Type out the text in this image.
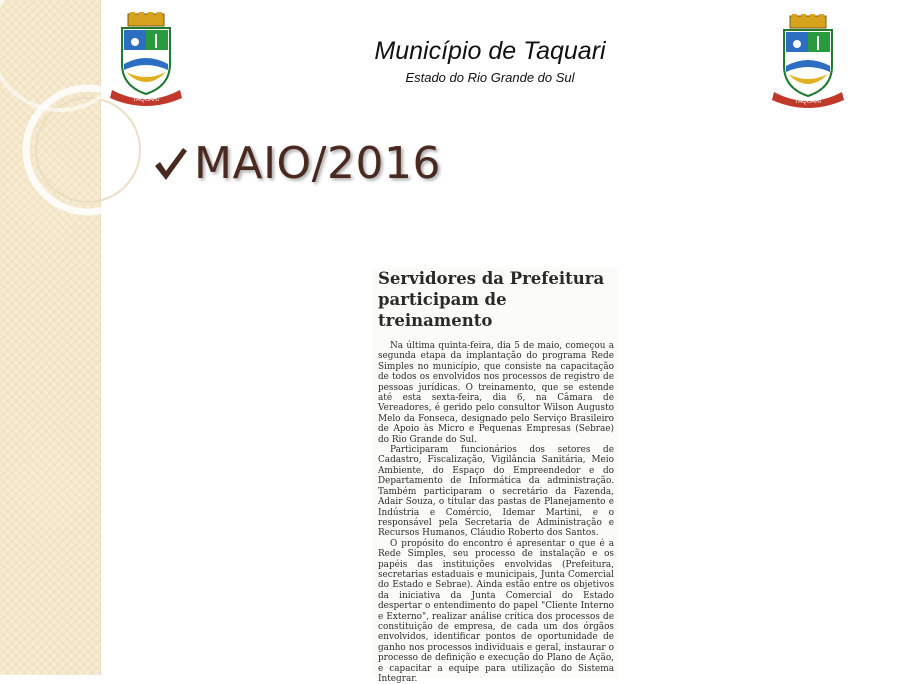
TAQUARI	TAQUARI
Município de Taquari
Estado do Rio Grande do Sul
MAIO/2016
Servidores da Prefeitura
participam de treinamento

Na última quinta-feira, dia 5 de maio, começou a segunda etapa da implantação do programa Rede Simples no município, que consiste na capacitação de todos os envolvidos nos processos de registro de pessoas jurídicas. O treinamento, que se estende até esta sexta-feira, dia 6, na Câmara de Vereadores, é gerido pelo consultor Wilson Augusto Melo da Fonseca, designado pelo Serviço Brasileiro de Apoio às Micro e Pequenas Empresas (Sebrae) do Rio Grande do Sul.

Participaram funcionários dos setores de Cadastro, Fiscalização, Vigilância Sanitária, Meio Ambiente, do Espaço do Empreendedor e do Departamento de Informática da administração. Também participaram o secretário da Fazenda, Adair Souza, o titular das pastas de Planejamento e Indústria e Comércio, Idemar Martini, e o responsável pela Secretaria de Administração e Recursos Humanos, Cláudio Roberto dos Santos.

O propósito do encontro é apresentar o que é a Rede Simples, seu processo de instalação e os papéis das instituições envolvidas (Prefeitura, secretarias estaduais e municipais, Junta Comercial do Estado e Sebrae). Ainda estão entre os objetivos da iniciativa da Junta Comercial do Estado despertar o entendimento do papel "Cliente Interno e Externo", realizar análise crítica dos processos de constituição de empresa, de cada um dos órgãos envolvidos, identificar pontos de oportunidade de ganho nos processos individuais e geral, instaurar o processo de definição e execução do Plano de Ação, e capacitar a equipe para utilização do Sistema Integrar.
